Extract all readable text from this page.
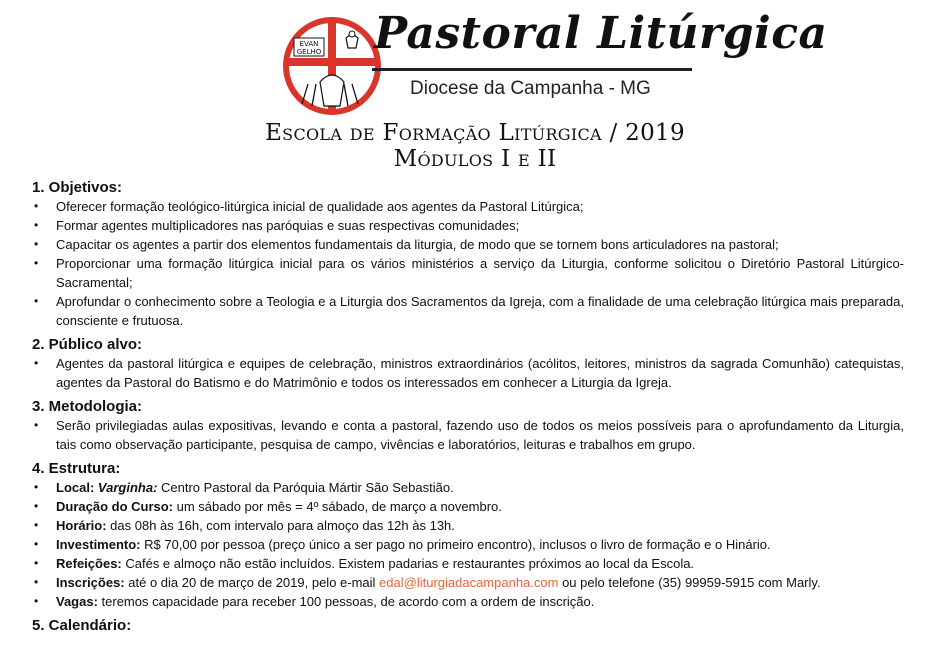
EVAN
GELHO Pastoral Litúrgica
Diocese da Campanha - MG
Escola de Formação Litúrgica / 2019
Módulos I e II
1. Objetivos:
• Oferecer formação teológico-litúrgica inicial de qualidade aos agentes da Pastoral Litúrgica;
• Formar agentes multiplicadores nas paróquias e suas respectivas comunidades;
• Capacitar os agentes a partir dos elementos fundamentais da liturgia, de modo que se tornem bons articuladores na pastoral;
• Proporcionar uma formação litúrgica inicial para os vários ministérios a serviço da Liturgia, conforme solicitou o Diretório Pastoral Litúrgico-Sacramental;
• Aprofundar o conhecimento sobre a Teologia e a Liturgia dos Sacramentos da Igreja, com a finalidade de uma celebração litúrgica mais preparada, consciente e frutuosa.
2. Público alvo:
• Agentes da pastoral litúrgica e equipes de celebração, ministros extraordinários (acólitos, leitores, ministros da sagrada Comunhão) catequistas, agentes da Pastoral do Batismo e do Matrimônio e todos os interessados em conhecer a Liturgia da Igreja.
3. Metodologia:
• Serão privilegiadas aulas expositivas, levando e conta a pastoral, fazendo uso de todos os meios possíveis para o aprofundamento da Liturgia, tais como observação participante, pesquisa de campo, vivências e laboratórios, leituras e trabalhos em grupo.
4. Estrutura:
• Local: Varginha: Centro Pastoral da Paróquia Mártir São Sebastião.
• Duração do Curso: um sábado por mês = 4º sábado, de março a novembro.
• Horário: das 08h às 16h, com intervalo para almoço das 12h às 13h.
• Investimento: R$ 70,00 por pessoa (preço único a ser pago no primeiro encontro), inclusos o livro de formação e o Hinário.
• Refeições: Cafés e almoço não estão incluídos. Existem padarias e restaurantes próximos ao local da Escola.
• Inscrições: até o dia 20 de março de 2019, pelo e-mail edal@liturgiadacampanha.com ou pelo telefone (35) 99959-5915 com Marly.
• Vagas: teremos capacidade para receber 100 pessoas, de acordo com a ordem de inscrição.
5. Calendário:
